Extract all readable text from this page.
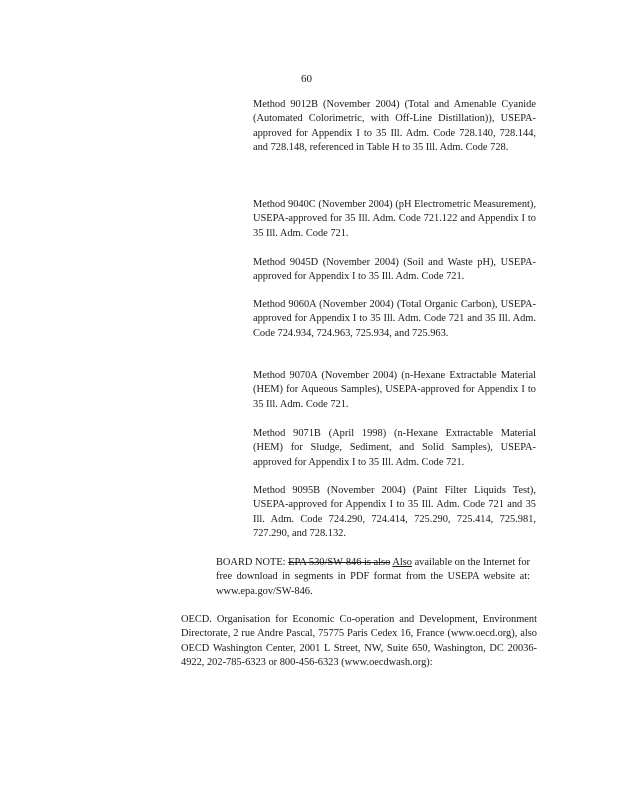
60

Method 9012B (November 2004) (Total and Amenable Cyanide (Automated Colorimetric, with Off-Line Distillation)), USEPA-approved for Appendix I to 35 Ill. Adm. Code 728.140, 728.144, and 728.148, referenced in Table H to 35 Ill. Adm. Code 728.

Method 9040C (November 2004) (pH Electrometric Measurement), USEPA-approved for 35 Ill. Adm. Code 721.122 and Appendix I to 35 Ill. Adm. Code 721.

Method 9045D (November 2004) (Soil and Waste pH), USEPA-approved for Appendix I to 35 Ill. Adm. Code 721.

Method 9060A (November 2004) (Total Organic Carbon), USEPA-approved for Appendix I to 35 Ill. Adm. Code 721 and 35 Ill. Adm. Code 724.934, 724.963, 725.934, and 725.963.

Method 9070A (November 2004) (n-Hexane Extractable Material (HEM) for Aqueous Samples), USEPA-approved for Appendix I to 35 Ill. Adm. Code 721.

Method 9071B (April 1998) (n-Hexane Extractable Material (HEM) for Sludge, Sediment, and Solid Samples), USEPA-approved for Appendix I to 35 Ill. Adm. Code 721.

Method 9095B (November 2004) (Paint Filter Liquids Test), USEPA-approved for Appendix I to 35 Ill. Adm. Code 721 and 35 Ill. Adm. Code 724.290, 724.414, 725.290, 725.414, 725.981, 727.290, and 728.132.

BOARD NOTE: EPA 530/SW-846 is also Also available on the Internet for free download in segments in PDF format from the USEPA website at: www.epa.gov/SW-846.

OECD. Organisation for Economic Co-operation and Development, Environment Directorate, 2 rue Andre Pascal, 75775 Paris Cedex 16, France (www.oecd.org), also OECD Washington Center, 2001 L Street, NW, Suite 650, Washington, DC 20036-4922, 202-785-6323 or 800-456-6323 (www.oecdwash.org):
